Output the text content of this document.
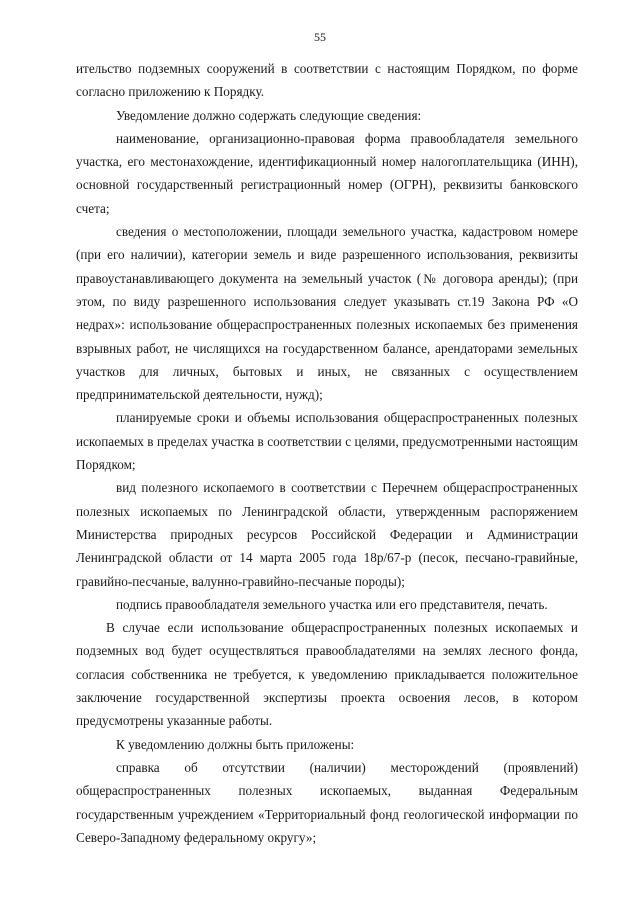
55

ительство подземных сооружений в соответствии с настоящим Порядком, по форме согласно приложению к Порядку.

Уведомление должно содержать следующие сведения:

наименование, организационно-правовая форма правообладателя земельного участка, его местонахождение, идентификационный номер налогоплательщика (ИНН), основной государственный регистрационный номер (ОГРН), реквизиты банковского счета;

сведения о местоположении, площади земельного участка, кадастровом номере (при его наличии), категории земель и виде разрешенного использования, реквизиты правоустанавливающего документа на земельный участок (№ договора аренды); (при этом, по виду разрешенного использования следует указывать ст.19 Закона РФ «О недрах»: использование общераспространенных полезных ископаемых без применения взрывных работ, не числящихся на государственном балансе, арендаторами земельных участков для личных, бытовых и иных, не связанных с осуществлением предпринимательской деятельности, нужд);

планируемые сроки и объемы использования общераспространенных полезных ископаемых в пределах участка в соответствии с целями, предусмотренными настоящим Порядком;

вид полезного ископаемого в соответствии с Перечнем общераспространенных полезных ископаемых по Ленинградской области, утвержденным распоряжением Министерства природных ресурсов Российской Федерации и Администрации Ленинградской области от 14 марта 2005 года 18р/67-р (песок, песчано-гравийные, гравийно-песчаные, валунно-гравийно-песчаные породы);

подпись правообладателя земельного участка или его представителя, печать.

В случае если использование общераспространенных полезных ископаемых и подземных вод будет осуществляться правообладателями на землях лесного фонда, согласия собственника не требуется, к уведомлению прикладывается положительное заключение государственной экспертизы проекта освоения лесов, в котором предусмотрены указанные работы.

К уведомлению должны быть приложены:

справка об отсутствии (наличии) месторождений (проявлений) общераспространенных полезных ископаемых, выданная Федеральным государственным учреждением «Территориальный фонд геологической информации по Северо-Западному федеральному округу»;
